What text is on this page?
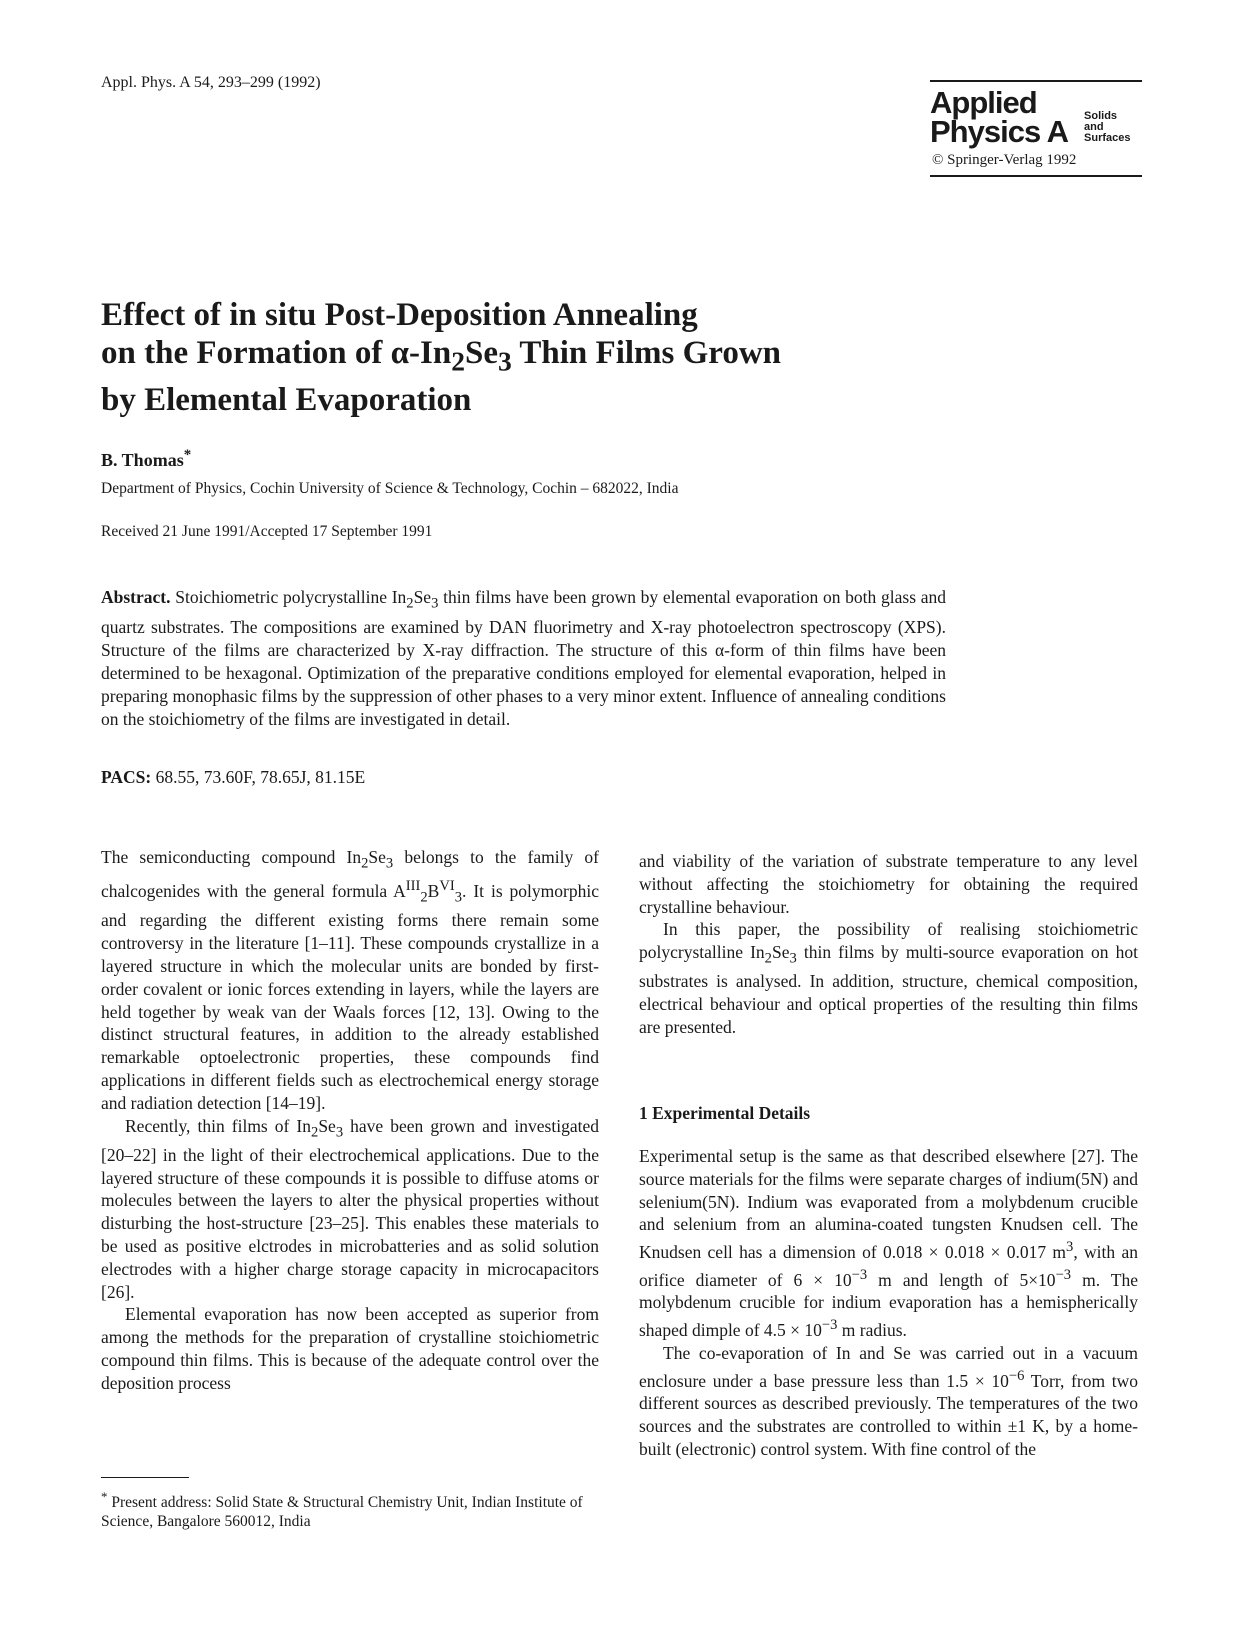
Appl. Phys. A 54, 293–299 (1992)
Applied
Physics A Solids
and
Surfaces
© Springer-Verlag 1992
Effect of in situ Post-Deposition Annealing
on the Formation of $\alpha-In_2Se_3$ Thin Films Grown
by Elemental Evaporation
B. Thomas*
Department of Physics, Cochin University of Science & Technology, Cochin – 682022, India
Received 21 June 1991/Accepted 17 September 1991
Abstract. Stoichiometric polycrystalline $In_2Se_3$ thin films have been grown by elemental evaporation on both glass and quartz substrates. The compositions are examined by DAN fluorimetry and X-ray photoelectron spectroscopy (XPS). Structure of the films are characterized by X-ray diffraction. The structure of this α-form of thin films have been determined to be hexagonal. Optimization of the preparative conditions employed for elemental evaporation, helped in preparing monophasic films by the suppression of other phases to a very minor extent. Influence of annealing conditions on the stoichiometry of the films are investigated in detail.
PACS: 68.55, 73.60F, 78.65J, 81.15E

The semiconducting compound $In_2Se_3$ belongs to the family of chalcogenides with the general formula $A^{III}_2B^{VI}_3$. It is polymorphic and regarding the different existing forms there remain some controversy in the literature [1–11]. These compounds crystallize in a layered structure in which the molecular units are bonded by first-order covalent or ionic forces extending in layers, while the layers are held together by weak van der Waals forces [12, 13]. Owing to the distinct structural features, in addition to the already established remarkable optoelectronic properties, these compounds find applications in different fields such as electrochemical energy storage and radiation detection [14–19].

Recently, thin films of $In_2Se_3$ have been grown and investigated [20–22] in the light of their electrochemical applications. Due to the layered structure of these compounds it is possible to diffuse atoms or molecules between the layers to alter the physical properties without disturbing the host-structure [23–25]. This enables these materials to be used as positive elctrodes in microbatteries and as solid solution electrodes with a higher charge storage capacity in microcapacitors [26].

Elemental evaporation has now been accepted as superior from among the methods for the preparation of crystalline stoichiometric compound thin films. This is because of the adequate control over the deposition process

and viability of the variation of substrate temperature to any level without affecting the stoichiometry for obtaining the required crystalline behaviour.

In this paper, the possibility of realising stoichiometric polycrystalline $In_2Se_3$ thin films by multi-source evaporation on hot substrates is analysed. In addition, structure, chemical composition, electrical behaviour and optical properties of the resulting thin films are presented.

1 Experimental Details

Experimental setup is the same as that described elsewhere [27]. The source materials for the films were separate charges of indium(5N) and selenium(5N). Indium was evaporated from a molybdenum crucible and selenium from an alumina-coated tungsten Knudsen cell. The Knudsen cell has a dimension of 0.018 × 0.018 × 0.017 $m^3$, with an orifice diameter of $6 \times 10^{-3}$ m and length of $5\times 10^{-3}$ m. The molybdenum crucible for indium evaporation has a hemispherically shaped dimple of $4.5 \times 10^{-3}$ m radius.

The co-evaporation of In and Se was carried out in a vacuum enclosure under a base pressure less than $1.5 \times 10^{-6}$ Torr, from two different sources as described previously. The temperatures of the two sources and the substrates are controlled to within ±1 K, by a home-built (electronic) control system. With fine control of the

* Present address: Solid State & Structural Chemistry Unit, Indian Institute of Science, Bangalore 560012, India
